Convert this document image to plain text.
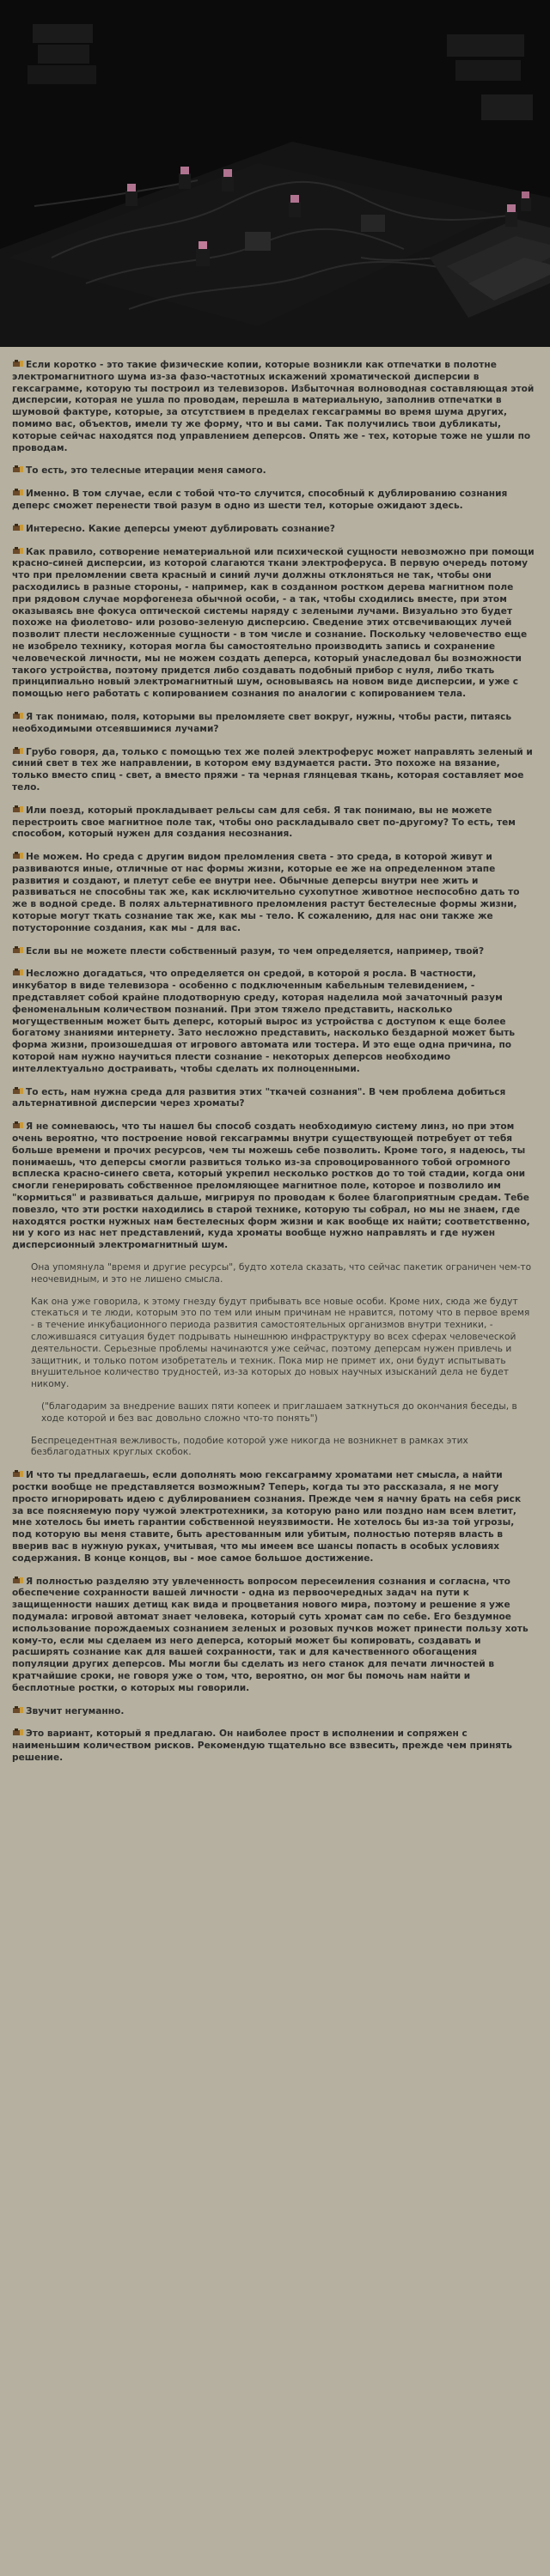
Если коротко - это такие физические копии, которые возникли как отпечатки в полотне электромагнитного шума из-за фазо-частотных искажений хроматической дисперсии в гексаграмме, которую ты построил из телевизоров. Избыточная волноводная составляющая этой дисперсии, которая не ушла по проводам, перешла в материальную, заполнив отпечатки в шумовой фактуре, которые, за отсутствием в пределах гексаграммы во время шума других, помимо вас, объектов, имели ту же форму, что и вы сами. Так получились твои дубликаты, которые сейчас находятся под управлением деперсов. Опять же - тех, которые тоже не ушли по проводам.

То есть, это телесные итерации меня самого.

Именно. В том случае, если с тобой что-то случится, способный к дублированию сознания деперс сможет перенести твой разум в одно из шести тел, которые ожидают здесь.

Интересно. Какие деперсы умеют дублировать сознание?

Как правило, сотворение нематериальной или психической сущности невозможно при помощи красно-синей дисперсии, из которой слагаются ткани электроферуса. В первую очередь потому что при преломлении света красный и синий лучи должны отклоняться не так, чтобы они расходились в разные стороны, - например, как в созданном ростком дерева магнитном поле при рядовом случае морфогенеза обычной особи, - а так, чтобы сходились вместе, при этом оказываясь вне фокуса оптической системы наряду с зелеными лучами. Визуально это будет похоже на фиолетово- или розово-зеленую дисперсию. Сведение этих отсвечивающих лучей позволит плести несложенные сущности - в том числе и сознание. Поскольку человечество еще не изобрело технику, которая могла бы самостоятельно производить запись и сохранение человеческой личности, мы не можем создать деперса, который унаследовал бы возможности такого устройства, поэтому придется либо создавать подобный прибор с нуля, либо ткать принципиально новый электромагнитный шум, основываясь на новом виде дисперсии, и уже с помощью него работать с копированием сознания по аналогии с копированием тела.

Я так понимаю, поля, которыми вы преломляете свет вокруг, нужны, чтобы расти, питаясь необходимыми отсеявшимися лучами?

Грубо говоря, да, только с помощью тех же полей электроферус может направлять зеленый и синий свет в тех же направлении, в котором ему вздумается расти. Это похоже на вязание, только вместо спиц - свет, а вместо пряжи - та черная глянцевая ткань, которая составляет мое тело.

Или поезд, который прокладывает рельсы сам для себя. Я так понимаю, вы не можете перестроить свое магнитное поле так, чтобы оно раскладывало свет по-другому? То есть, тем способом, который нужен для создания несознания.

Не можем. Но среда с другим видом преломления света - это среда, в которой живут и развиваются иные, отличные от нас формы жизни, которые ее же на определенном этапе развития и создают, и плетут себе ее внутри нее. Обычные деперсы внутри нее жить и развиваться не способны так же, как исключительно сухопутное животное неспособно дать то же в водной среде. В полях альтернативного преломления растут бестелесные формы жизни, которые могут ткать сознание так же, как мы - тело. К сожалению, для нас они также же потусторонние создания, как мы - для вас.

Если вы не можете плести собственный разум, то чем определяется, например, твой?

Несложно догадаться, что определяется он средой, в которой я росла. В частности, инкубатор в виде телевизора - особенно с подключенным кабельным телевидением, - представляет собой крайне плодотворную среду, которая наделила мой зачаточный разум феноменальным количеством познаний. При этом тяжело представить, насколько могущественным может быть деперс, который вырос из устройства с доступом к еще более богатому знаниями интернету. Зато несложно представить, насколько бездарной может быть форма жизни, произошедшая от игрового автомата или тостера. И это еще одна причина, по которой нам нужно научиться плести сознание - некоторых деперсов необходимо интеллектуально достраивать, чтобы сделать их полноценными.

То есть, нам нужна среда для развития этих "ткачей сознания". В чем проблема добиться альтернативной дисперсии через хроматы?

Я не сомневаюсь, что ты нашел бы способ создать необходимую систему линз, но при этом очень вероятно, что построение новой гексаграммы внутри существующей потребует от тебя больше времени и прочих ресурсов, чем ты можешь себе позволить. Кроме того, я надеюсь, ты понимаешь, что деперсы смогли развиться только из-за спровоцированного тобой огромного всплеска красно-синего света, который укрепил несколько ростков до то той стадии, когда они смогли генерировать собственное преломляющее магнитное поле, которое и позволило им "кормиться" и развиваться дальше, мигрируя по проводам к более благоприятным средам. Тебе повезло, что эти ростки находились в старой технике, которую ты собрал, но мы не знаем, где находятся ростки нужных нам бестелесных форм жизни и как вообще их найти; соответственно, ни у кого из нас нет представлений, куда хроматы вообще нужно направлять и где нужен дисперсионный электромагнитный шум.

Она упомянула "время и другие ресурсы", будто хотела сказать, что сейчас пакетик ограничен чем-то неочевидным, и это не лишено смысла.

Как она уже говорила, к этому гнезду будут прибывать все новые особи. Кроме них, сюда же будут стекаться и те люди, которым это по тем или иным причинам не нравится, потому что в первое время - в течение инкубационного периода развития самостоятельных организмов внутри техники, - сложившаяся ситуация будет подрывать нынешнюю инфраструктуру во всех сферах человеческой деятельности. Серьезные проблемы начинаются уже сейчас, поэтому деперсам нужен привлечь и защитник, и только потом изобретатель и техник. Пока мир не примет их, они будут испытывать внушительное количество трудностей, из-за которых до новых научных изысканий дела не будет никому.

("благодарим за внедрение ваших пяти копеек и приглашаем заткнуться до окончания беседы, в ходе которой и без вас довольно сложно что-то понять")

Беспрецедентная вежливость, подобие которой уже никогда не возникнет в рамках этих безблагодатных круглых скобок.

И что ты предлагаешь, если дополнять мою гексаграмму хроматами нет смысла, а найти ростки вообще не представляется возможным? Теперь, когда ты это рассказала, я не могу просто игнорировать идею с дублированием сознания. Прежде чем я начну брать на себя риск за все поясняемую пору чужой электротехники, за которую рано или поздно нам всем влетит, мне хотелось бы иметь гарантии собственной неуязвимости. Не хотелось бы из-за той угрозы, под которую вы меня ставите, быть арестованным или убитым, полностью потеряв власть в вверив вас в нужную руках, учитывая, что мы имеем все шансы попасть в особых условиях содержания. В конце концов, вы - мое самое большое достижение.

Я полностью разделяю эту увлеченность вопросом пересеиления сознания и согласна, что обеспечение сохранности вашей личности - одна из первоочередных задач на пути к защищенности наших детищ как вида и процветания нового мира, поэтому и решение я уже подумала: игровой автомат знает человека, который суть хромат сам по себе. Его бездумное использование порождаемых сознанием зеленых и розовых пучков может принести пользу хоть кому-то, если мы сделаем из него деперса, который может бы копировать, создавать и расширять сознание как для вашей сохранности, так и для качественного обогащения популяции других деперсов. Мы могли бы сделать из него станок для печати личностей в кратчайшие сроки, не говоря уже о том, что, вероятно, он мог бы помочь нам найти и бесплотные ростки, о которых мы говорили.

Звучит негуманно.

Это вариант, который я предлагаю. Он наиболее прост в исполнении и сопряжен с наименьшим количеством рисков. Рекомендую тщательно все взвесить, прежде чем принять решение.
